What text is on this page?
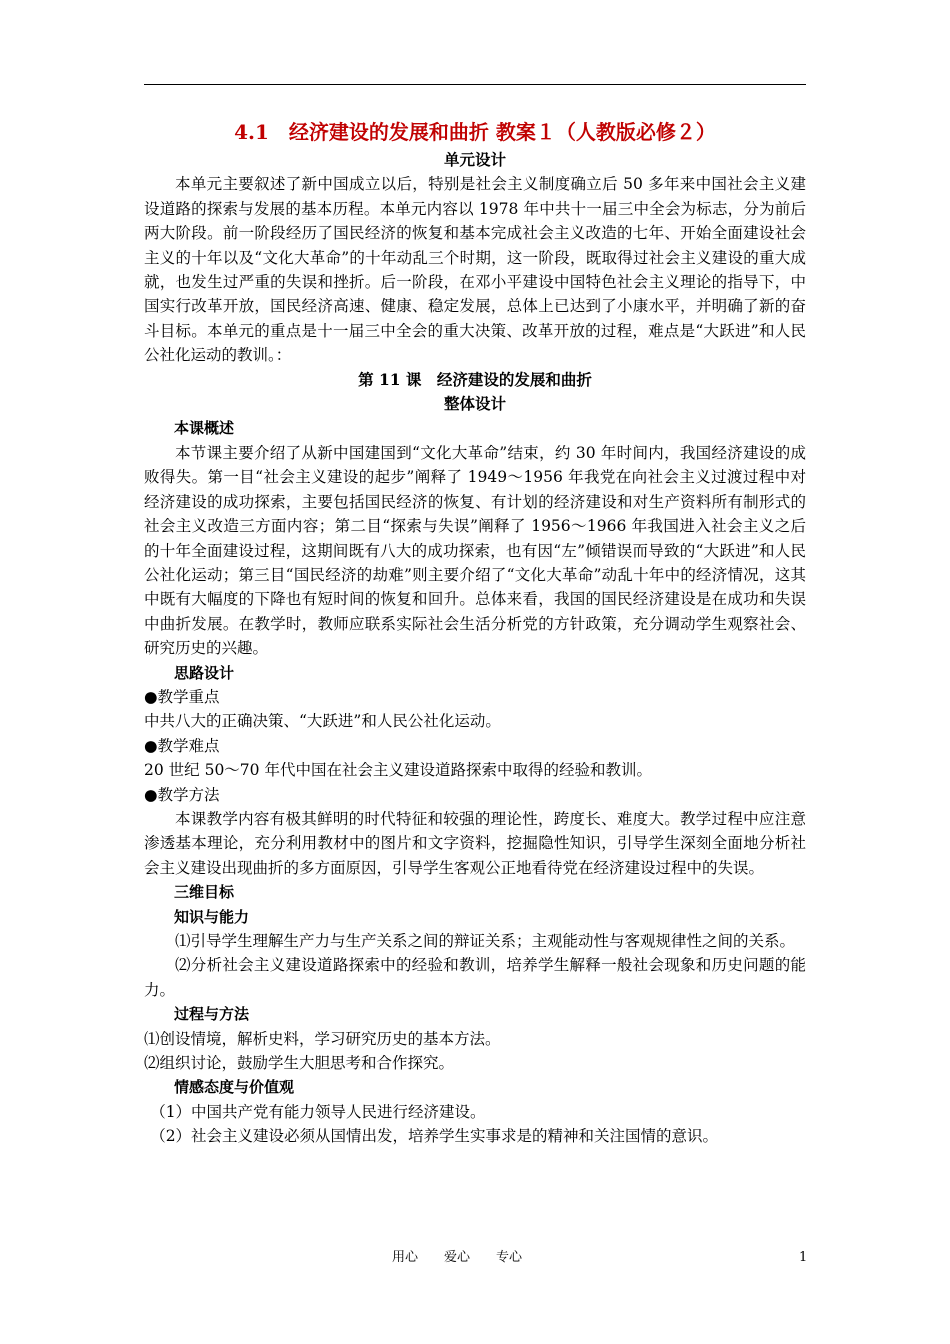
4.1　经济建设的发展和曲折 教案１（人教版必修２）

单元设计

本单元主要叙述了新中国成立以后，特别是社会主义制度确立后 50 多年来中国社会主义建设道路的探索与发展的基本历程。本单元内容以 1978 年中共十一届三中全会为标志，分为前后两大阶段。前一阶段经历了国民经济的恢复和基本完成社会主义改造的七年、开始全面建设社会主义的十年以及“文化大革命”的十年动乱三个时期，这一阶段，既取得过社会主义建设的重大成就，也发生过严重的失误和挫折。后一阶段，在邓小平建设中国特色社会主义理论的指导下，中国实行改革开放，国民经济高速、健康、稳定发展，总体上已达到了小康水平，并明确了新的奋斗目标。本单元的重点是十一届三中全会的重大决策、改革开放的过程，难点是“大跃进”和人民公社化运动的教训。：

第 11 课　经济建设的发展和曲折

整体设计

本课概述

本节课主要介绍了从新中国建国到“文化大革命”结束，约 30 年时间内，我国经济建设的成败得失。第一目“社会主义建设的起步”阐释了 1949～1956 年我党在向社会主义过渡过程中对经济建设的成功探索，主要包括国民经济的恢复、有计划的经济建设和对生产资料所有制形式的社会主义改造三方面内容；第二目“探索与失误”阐释了 1956～1966 年我国进入社会主义之后的十年全面建设过程，这期间既有八大的成功探索，也有因“左”倾错误而导致的“大跃进”和人民公社化运动；第三目“国民经济的劫难”则主要介绍了“文化大革命”动乱十年中的经济情况，这其中既有大幅度的下降也有短时间的恢复和回升。总体来看，我国的国民经济建设是在成功和失误中曲折发展。在教学时，教师应联系实际社会生活分析党的方针政策，充分调动学生观察社会、研究历史的兴趣。

思路设计

●教学重点

中共八大的正确决策、“大跃进”和人民公社化运动。

●教学难点

20 世纪 50～70 年代中国在社会主义建设道路探索中取得的经验和教训。

●教学方法

本课教学内容有极其鲜明的时代特征和较强的理论性，跨度长、难度大。教学过程中应注意渗透基本理论，充分利用教材中的图片和文字资料，挖掘隐性知识，引导学生深刻全面地分析社会主义建设出现曲折的多方面原因，引导学生客观公正地看待党在经济建设过程中的失误。

三维目标

知识与能力

⑴引导学生理解生产力与生产关系之间的辩证关系；主观能动性与客观规律性之间的关系。

⑵分析社会主义建设道路探索中的经验和教训，培养学生解释一般社会现象和历史问题的能力。

过程与方法

⑴创设情境，解析史料，学习研究历史的基本方法。

⑵组织讨论，鼓励学生大胆思考和合作探究。

情感态度与价值观

（1）中国共产党有能力领导人民进行经济建设。

（2）社会主义建设必须从国情出发，培养学生实事求是的精神和关注国情的意识。

用心　　爱心　　专心	1
